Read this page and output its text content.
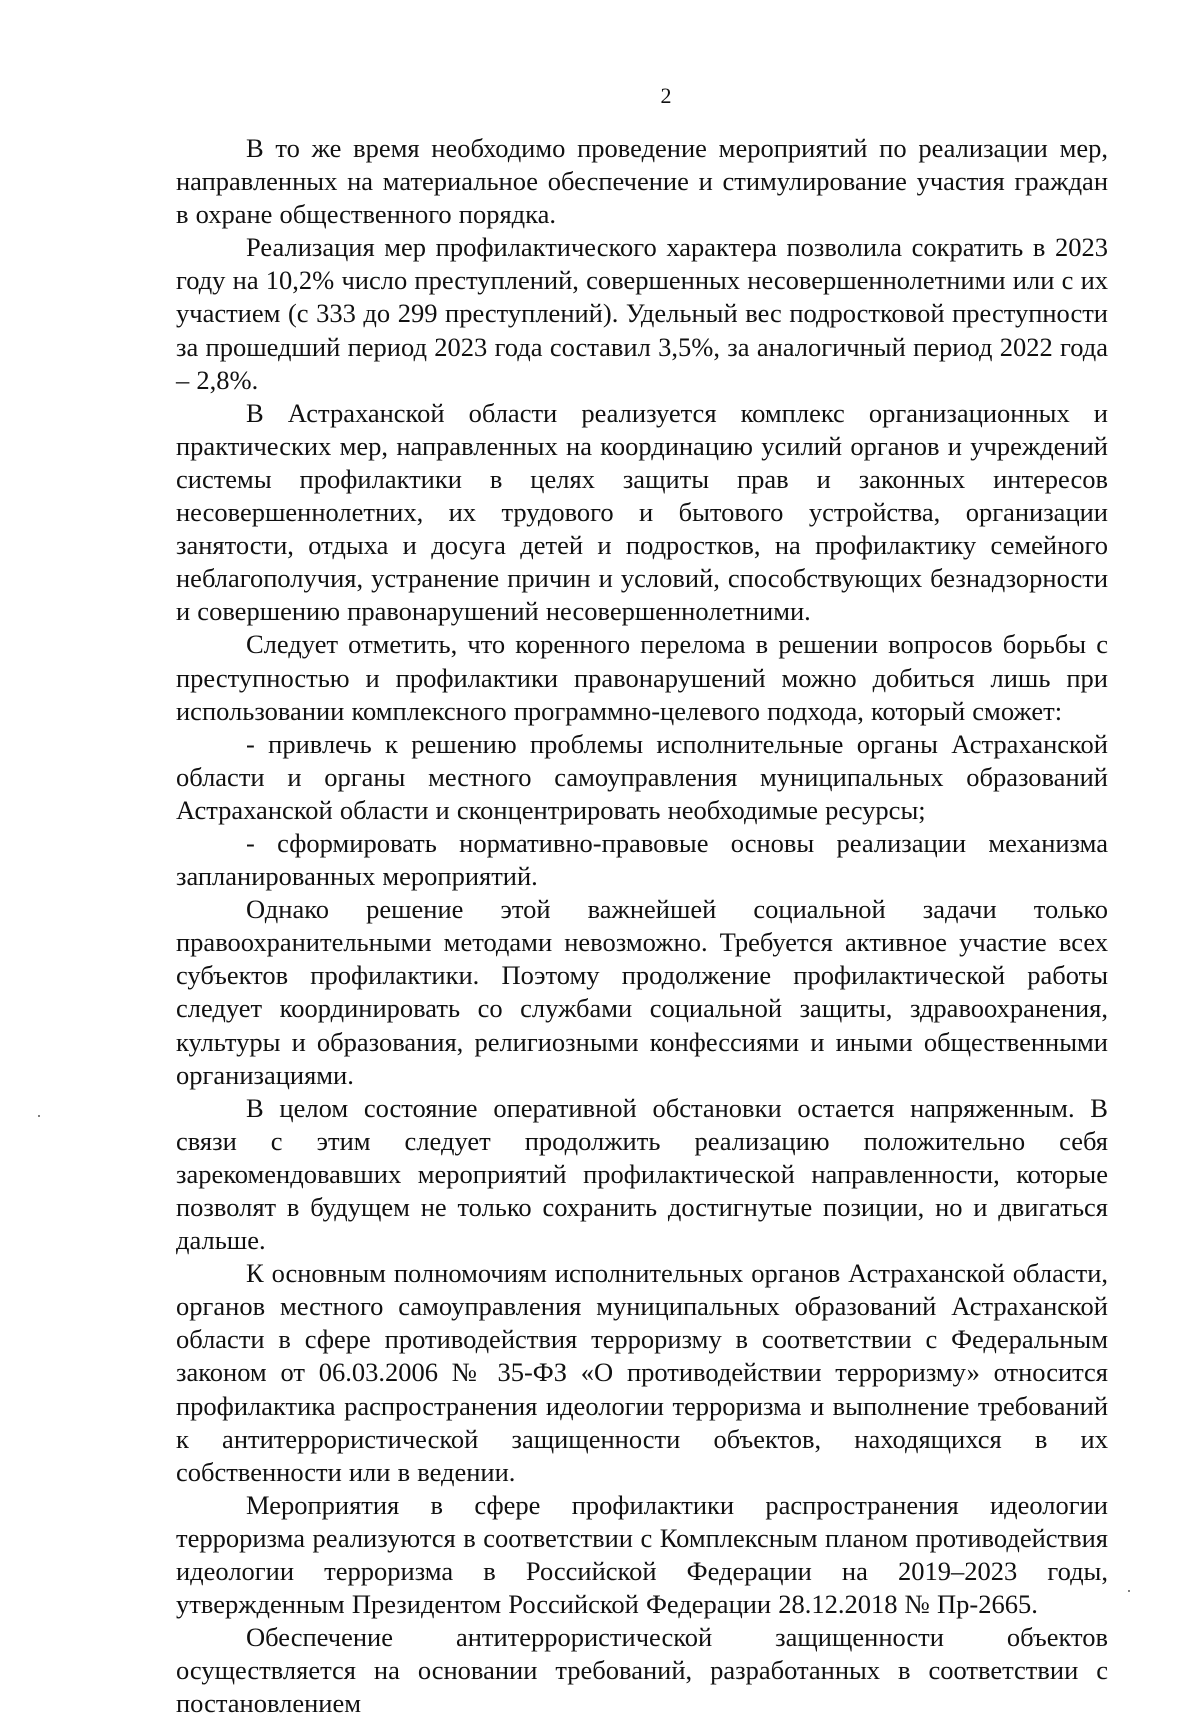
2

В то же время необходимо проведение мероприятий по реализации мер, направленных на материальное обеспечение и стимулирование участия граждан в охране общественного порядка.

Реализация мер профилактического характера позволила сократить в 2023 году на 10,2% число преступлений, совершенных несовершеннолетними или с их участием (с 333 до 299 преступлений). Удельный вес подростковой преступности за прошедший период 2023 года составил 3,5%, за аналогичный период 2022 года – 2,8%.

В Астраханской области реализуется комплекс организационных и практических мер, направленных на координацию усилий органов и учреждений системы профилактики в целях защиты прав и законных интересов несовершеннолетних, их трудового и бытового устройства, организации занятости, отдыха и досуга детей и подростков, на профилактику семейного неблагополучия, устранение причин и условий, способствующих безнадзорности и совершению правонарушений несовершеннолетними.

Следует отметить, что коренного перелома в решении вопросов борьбы с преступностью и профилактики правонарушений можно добиться лишь при использовании комплексного программно-целевого подхода, который сможет:

- привлечь к решению проблемы исполнительные органы Астраханской области и органы местного самоуправления муниципальных образований Астраханской области и сконцентрировать необходимые ресурсы;

- сформировать нормативно-правовые основы реализации механизма запланированных мероприятий.

Однако решение этой важнейшей социальной задачи только правоохранительными методами невозможно. Требуется активное участие всех субъектов профилактики. Поэтому продолжение профилактической работы следует координировать со службами социальной защиты, здравоохранения, культуры и образования, религиозными конфессиями и иными общественными организациями.

В целом состояние оперативной обстановки остается напряженным. В связи с этим следует продолжить реализацию положительно себя зарекомендовавших мероприятий профилактической направленности, которые позволят в будущем не только сохранить достигнутые позиции, но и двигаться дальше.

К основным полномочиям исполнительных органов Астраханской области, органов местного самоуправления муниципальных образований Астраханской области в сфере противодействия терроризму в соответствии с Федеральным законом от 06.03.2006 № 35-ФЗ «О противодействии терроризму» относится профилактика распространения идеологии терроризма и выполнение требований к антитеррористической защищенности объектов, находящихся в их собственности или в ведении.

Мероприятия в сфере профилактики распространения идеологии терроризма реализуются в соответствии с Комплексным планом противодействия идеологии терроризма в Российской Федерации на 2019–2023 годы, утвержденным Президентом Российской Федерации 28.12.2018 № Пр-2665.

Обеспечение антитеррористической защищенности объектов осуществляется на основании требований, разработанных в соответствии с постановлением
